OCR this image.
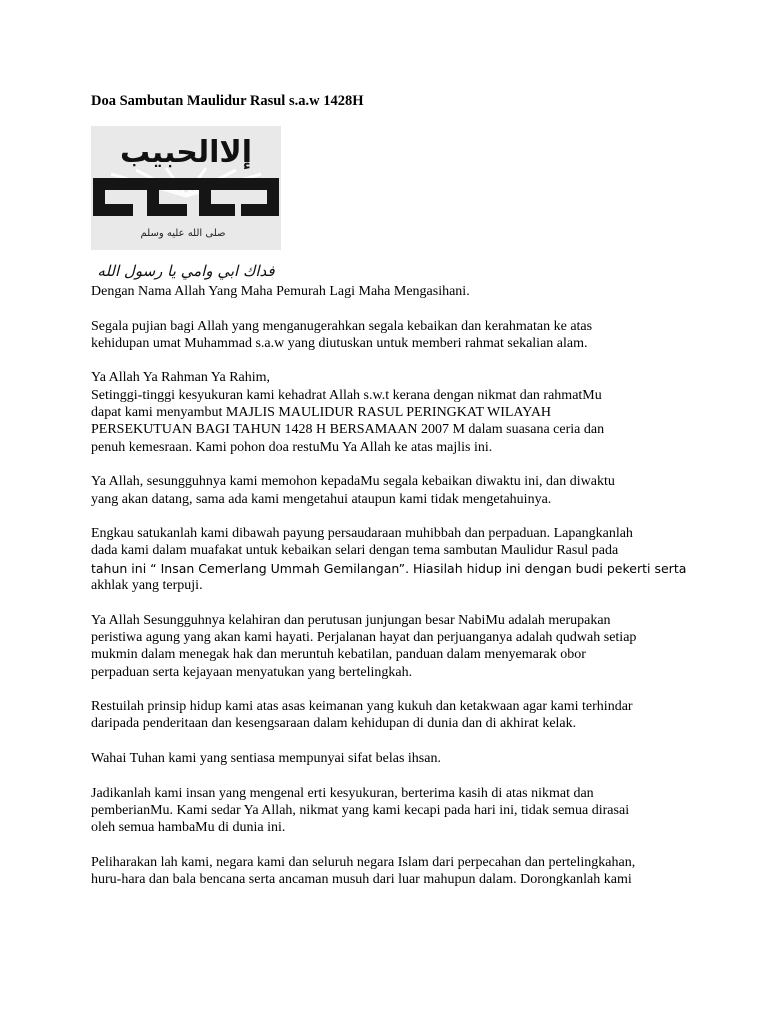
Doa Sambutan Maulidur Rasul s.a.w 1428H
إلاالحبيب
صلى الله عليه وسلم
فداك ابي وامي يا رسول الله

Dengan Nama Allah Yang Maha Pemurah Lagi Maha Mengasihani.

Segala pujian bagi Allah yang menganugerahkan segala kebaikan dan kerahmatan ke atas
kehidupan umat Muhammad s.a.w yang diutuskan untuk memberi rahmat sekalian alam.

Ya Allah Ya Rahman Ya Rahim,

Setinggi-tinggi kesyukuran kami kehadrat Allah s.w.t kerana dengan nikmat dan rahmatMu
dapat kami menyambut MAJLIS MAULIDUR RASUL PERINGKAT WILAYAH
PERSEKUTUAN BAGI TAHUN 1428 H BERSAMAAN 2007 M dalam suasana ceria dan
penuh kemesraan. Kami pohon doa restuMu Ya Allah ke atas majlis ini.

Ya Allah, sesungguhnya kami memohon kepadaMu segala kebaikan diwaktu ini, dan diwaktu
yang akan datang, sama ada kami mengetahui ataupun kami tidak mengetahuinya.

Engkau satukanlah kami dibawah payung persaudaraan muhibbah dan perpaduan. Lapangkanlah
dada kami dalam muafakat untuk kebaikan selari dengan tema sambutan Maulidur Rasul pada

tahun ini “ Insan Cemerlang Ummah Gemilangan”. Hiasilah hidup ini dengan budi pekerti serta

akhlak yang terpuji.

Ya Allah Sesungguhnya kelahiran dan perutusan junjungan besar NabiMu adalah merupakan
peristiwa agung yang akan kami hayati. Perjalanan hayat dan perjuanganya adalah qudwah setiap
mukmin dalam menegak hak dan meruntuh kebatilan, panduan dalam menyemarak obor
perpaduan serta kejayaan menyatukan yang bertelingkah.

Restuilah prinsip hidup kami atas asas keimanan yang kukuh dan ketakwaan agar kami terhindar
daripada penderitaan dan kesengsaraan dalam kehidupan di dunia dan di akhirat kelak.

Wahai Tuhan kami yang sentiasa mempunyai sifat belas ihsan.

Jadikanlah kami insan yang mengenal erti kesyukuran, berterima kasih di atas nikmat dan
pemberianMu. Kami sedar Ya Allah, nikmat yang kami kecapi pada hari ini, tidak semua dirasai
oleh semua hambaMu di dunia ini.

Peliharakan lah kami, negara kami dan seluruh negara Islam dari perpecahan dan pertelingkahan,
huru-hara dan bala bencana serta ancaman musuh dari luar mahupun dalam. Dorongkanlah kami
